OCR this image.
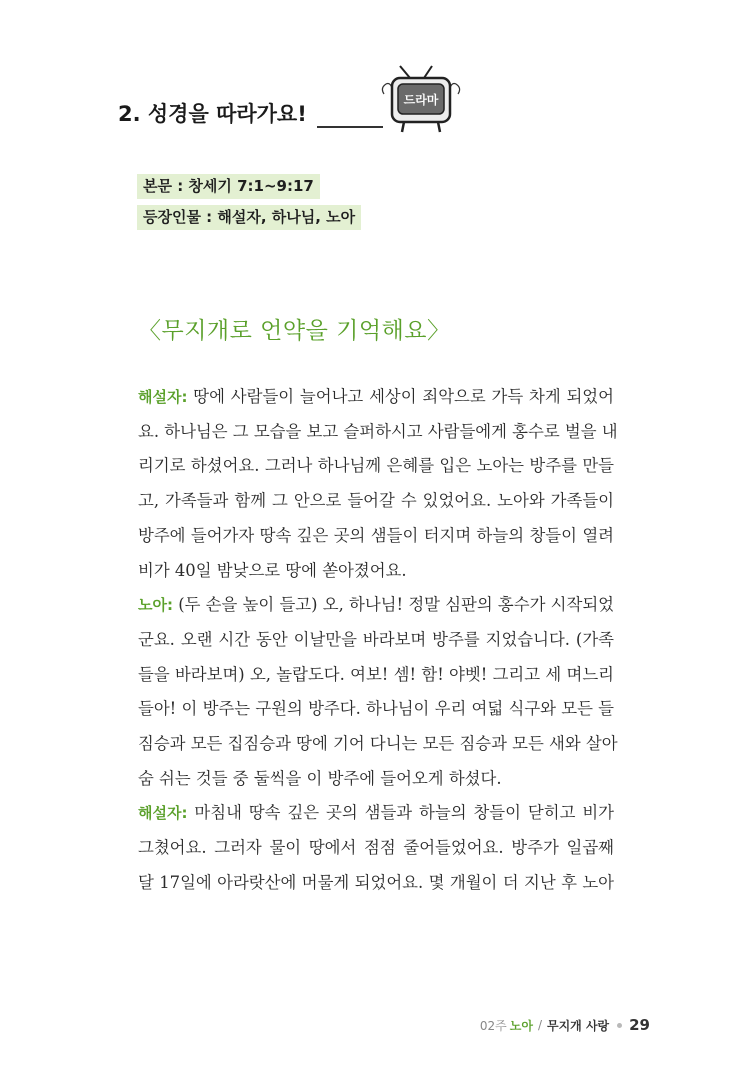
2. 성경을 따라가요!
드라마
본문 : 창세기 7:1~9:17
등장인물 : 해설자, 하나님, 노아
〈무지개로 언약을 기억해요〉
해설자: 땅에 사람들이 늘어나고 세상이 죄악으로 가득 차게 되었어
요. 하나님은 그 모습을 보고 슬퍼하시고 사람들에게 홍수로 벌을 내
리기로 하셨어요. 그러나 하나님께 은혜를 입은 노아는 방주를 만들
고, 가족들과 함께 그 안으로 들어갈 수 있었어요. 노아와 가족들이
방주에 들어가자 땅속 깊은 곳의 샘들이 터지며 하늘의 창들이 열려
비가 40일 밤낮으로 땅에 쏟아졌어요.
노아: (두 손을 높이 들고) 오, 하나님! 정말 심판의 홍수가 시작되었
군요. 오랜 시간 동안 이날만을 바라보며 방주를 지었습니다. (가족
들을 바라보며) 오, 놀랍도다. 여보! 셈! 함! 야벳! 그리고 세 며느리
들아! 이 방주는 구원의 방주다. 하나님이 우리 여덟 식구와 모든 들
짐승과 모든 집짐승과 땅에 기어 다니는 모든 짐승과 모든 새와 살아
숨 쉬는 것들 중 둘씩을 이 방주에 들어오게 하셨다.
해설자: 마침내 땅속 깊은 곳의 샘들과 하늘의 창들이 닫히고 비가
그쳤어요. 그러자 물이 땅에서 점점 줄어들었어요. 방주가 일곱째
달 17일에 아라랏산에 머물게 되었어요. 몇 개월이 더 지난 후 노아
02주 노아 / 무지개 사랑 29
